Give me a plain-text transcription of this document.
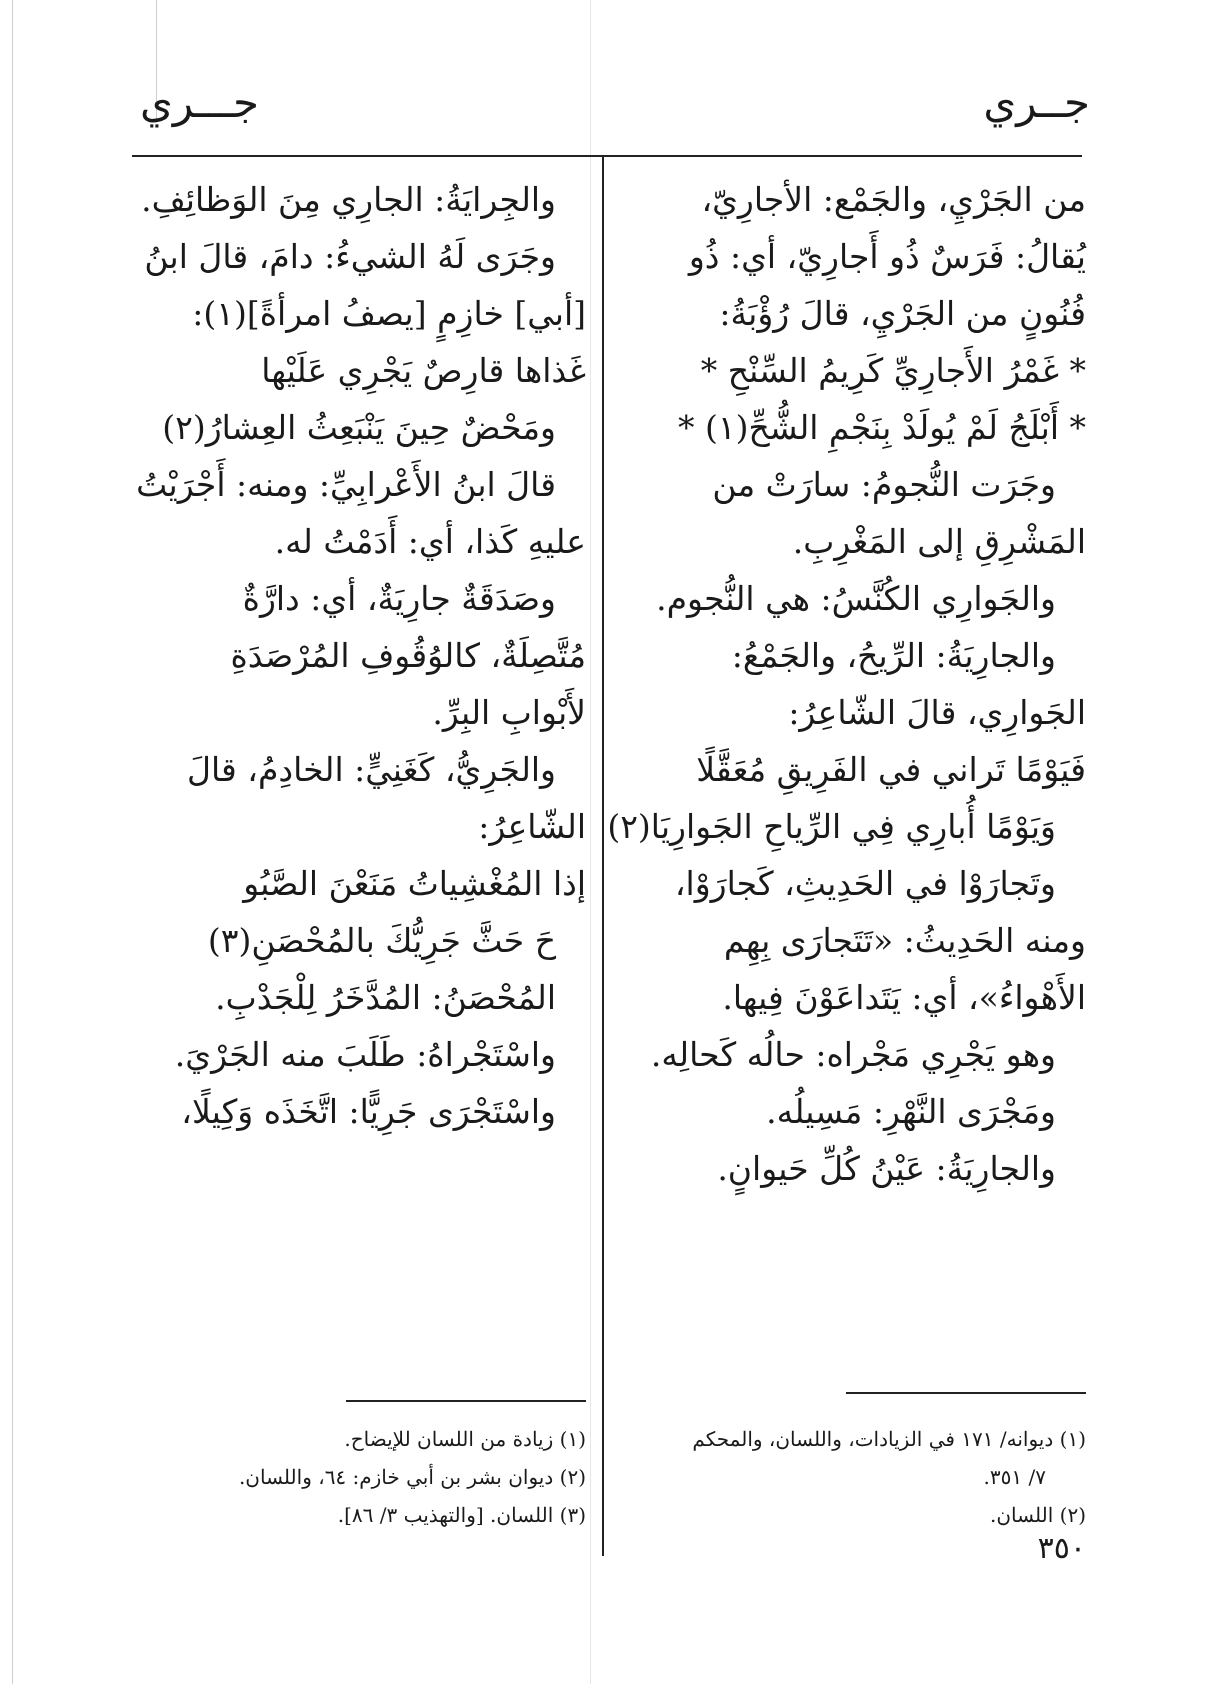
جــري
جـــري
من الجَرْيِ، والجَمْع: الأجارِيّ،
يُقالُ: فَرَسٌ ذُو أَجارِيّ، أي: ذُو
فُنُونٍ من الجَرْيِ، قالَ رُؤْبَةُ:
* غَمْرُ الأَجارِيِّ كَرِيمُ السِّنْحِ *
* أَبْلَجُ لَمْ يُولَدْ بِنَجْمِ الشُّحِّ(١) *
وجَرَت النُّجومُ: سارَتْ من
المَشْرِقِ إلى المَغْرِبِ.
والجَوارِي الكُنَّسُ: هي النُّجوم.
والجارِيَةُ: الرِّيحُ، والجَمْعُ:
الجَوارِي، قالَ الشّاعِرُ:
فَيَوْمًا تَراني في الفَرِيقِ مُعَقَّلًا
وَيَوْمًا أُبارِي فِي الرِّياحِ الجَوارِيَا(٢)
وتَجارَوْا في الحَدِيثِ، كَجارَوْا،
ومنه الحَدِيثُ: «تَتَجارَى بِهِم
الأَهْواءُ»، أي: يَتَداعَوْنَ فِيها.
وهو يَجْرِي مَجْراه: حالُه كَحالِه.
ومَجْرَى النَّهْرِ: مَسِيلُه.
والجارِيَةُ: عَيْنُ كُلِّ حَيوانٍ.
والجِرايَةُ: الجارِي مِنَ الوَظائِفِ.
وجَرَى لَهُ الشيءُ: دامَ، قالَ ابنُ
[أبي] خازِمٍ [يصفُ امرأةً](١):
غَذاها قارِصٌ يَجْرِي عَلَيْها
ومَحْضٌ حِينَ يَنْبَعِثُ العِشارُ(٢)
قالَ ابنُ الأَعْرابِيِّ: ومنه: أَجْرَيْتُ
عليهِ كَذا، أي: أَدَمْتُ له.
وصَدَقَةٌ جارِيَةٌ، أي: دارَّةٌ
مُتَّصِلَةٌ، كالوُقُوفِ المُرْصَدَةِ
لأَبْوابِ البِرِّ.
والجَرِيُّ، كَغَنِيٍّ: الخادِمُ، قالَ
الشّاعِرُ:
إذا المُغْشِياتُ مَنَعْنَ الصَّبُو
حَ حَثَّ جَرِيُّكَ بالمُحْصَنِ(٣)
المُحْصَنُ: المُدَّخَرُ لِلْجَدْبِ.
واسْتَجْراهُ: طَلَبَ منه الجَرْيَ.
واسْتَجْرَى جَرِيًّا: اتَّخَذَه وَكِيلًا،
(١) ديوانه/ ١٧١ في الزيادات، واللسان، والمحكم
٧/ ٣٥١.
(٢) اللسان.
(١) زيادة من اللسان للإيضاح.
(٢) ديوان بشر بن أبي خازم: ٦٤، واللسان.
(٣) اللسان. [والتهذيب ٣/ ٨٦].
٣٥٠
